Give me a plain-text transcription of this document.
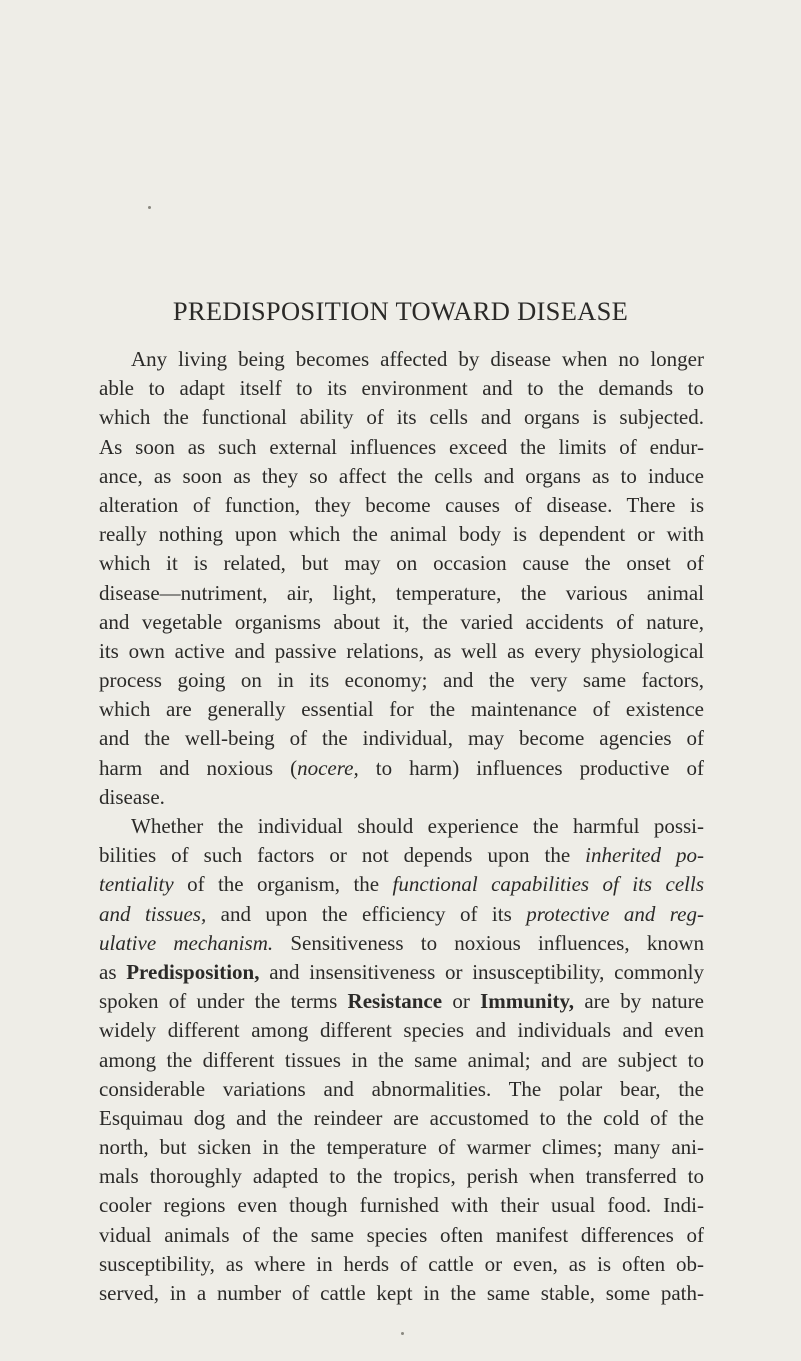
PREDISPOSITION TOWARD DISEASE
Any living being becomes affected by disease when no longer
able to adapt itself to its environment and to the demands to
which the functional ability of its cells and organs is subjected.
As soon as such external influences exceed the limits of endur-
ance, as soon as they so affect the cells and organs as to induce
alteration of function, they become causes of disease. There is
really nothing upon which the animal body is dependent or with
which it is related, but may on occasion cause the onset of
disease—nutriment, air, light, temperature, the various animal
and vegetable organisms about it, the varied accidents of nature,
its own active and passive relations, as well as every physiological
process going on in its economy; and the very same factors,
which are generally essential for the maintenance of existence
and the well-being of the individual, may become agencies of
harm and noxious (nocere, to harm) influences productive of
disease.
Whether the individual should experience the harmful possi-
bilities of such factors or not depends upon the inherited po-
tentiality of the organism, the functional capabilities of its cells
and tissues, and upon the efficiency of its protective and reg-
ulative mechanism. Sensitiveness to noxious influences, known
as Predisposition, and insensitiveness or insusceptibility, commonly
spoken of under the terms Resistance or Immunity, are by nature
widely different among different species and individuals and even
among the different tissues in the same animal; and are subject to
considerable variations and abnormalities. The polar bear, the
Esquimau dog and the reindeer are accustomed to the cold of the
north, but sicken in the temperature of warmer climes; many ani-
mals thoroughly adapted to the tropics, perish when transferred to
cooler regions even though furnished with their usual food. Indi-
vidual animals of the same species often manifest differences of
susceptibility, as where in herds of cattle or even, as is often ob-
served, in a number of cattle kept in the same stable, some path-
